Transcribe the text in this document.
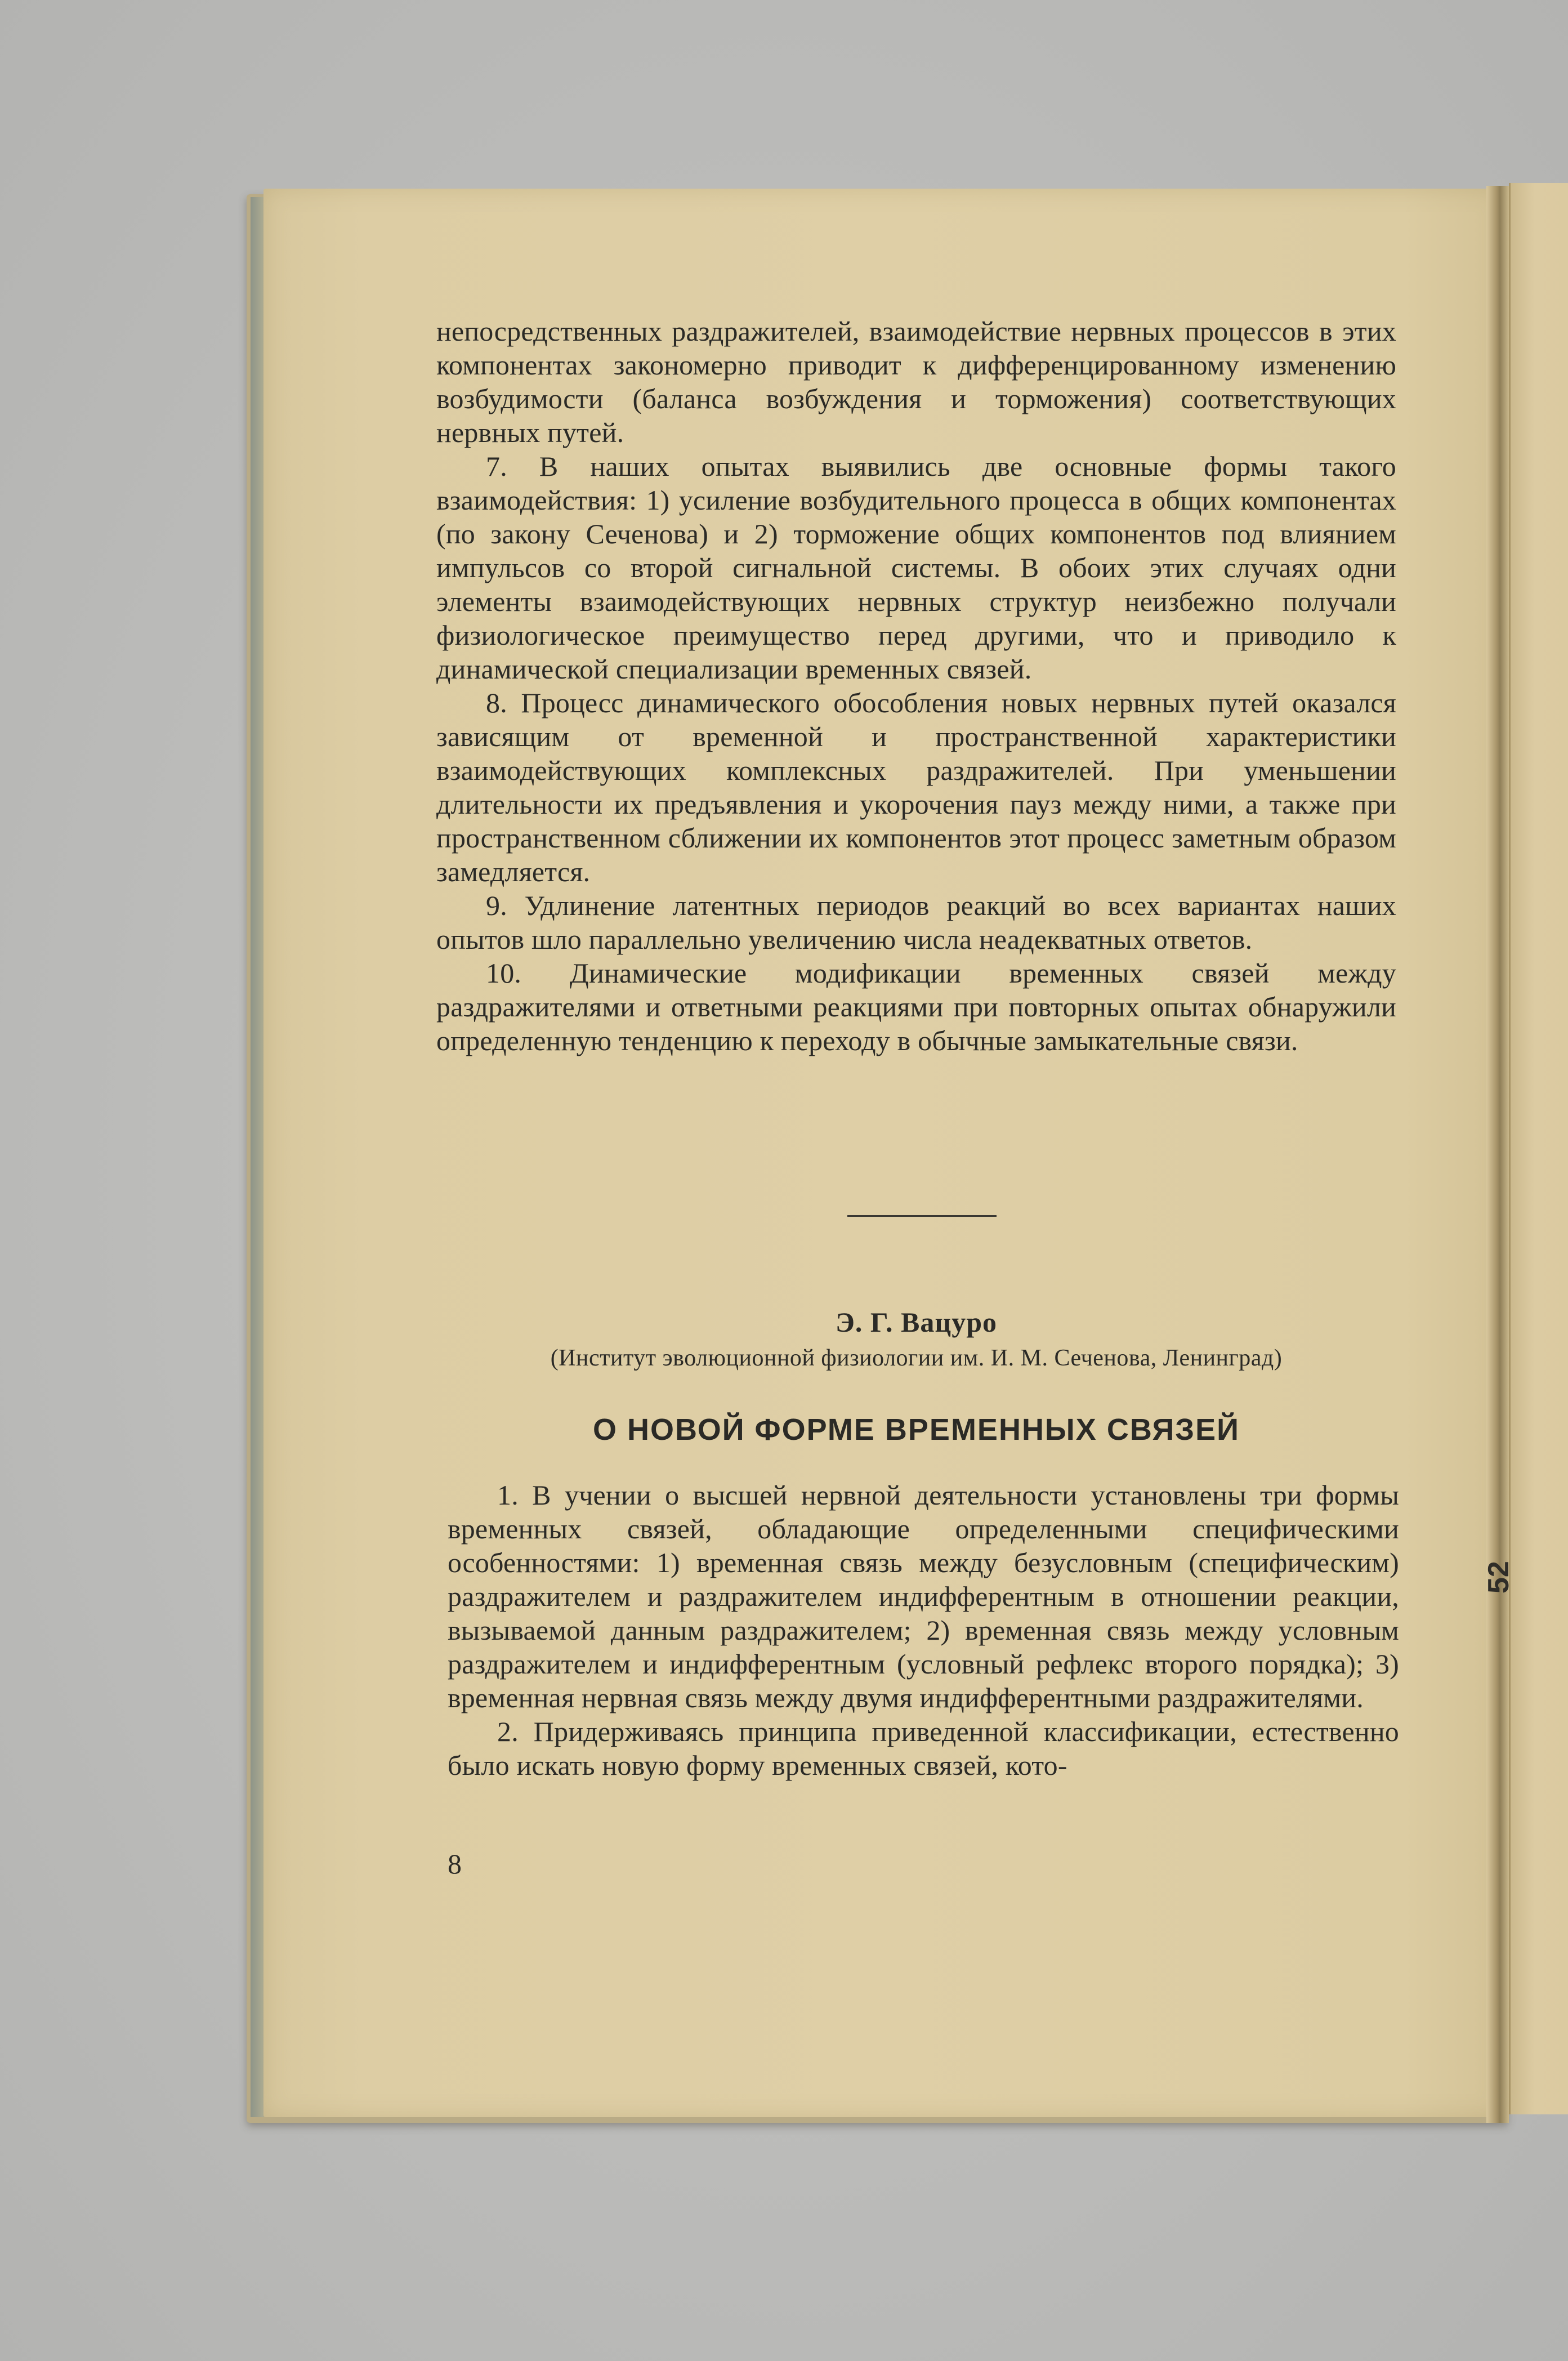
непосредственных раздражителей, взаимодействие нервных процессов в этих компонентах закономерно приводит к дифференцированному изменению возбудимости (баланса возбуждения и торможения) соответствующих нервных путей.

7. В наших опытах выявились две основные формы такого взаимодействия: 1) усиление возбудительного процесса в общих компонентах (по закону Сеченова) и 2) торможение общих компонентов под влиянием импульсов со второй сигнальной системы. В обоих этих случаях одни элементы взаимодействующих нервных структур неизбежно получали физиологическое преимущество перед другими, что и приводило к динамической специализации временных связей.

8. Процесс динамического обособления новых нервных путей оказался зависящим от временной и пространственной характеристики взаимодействующих комплексных раздражителей. При уменьшении длительности их предъявления и укорочения пауз между ними, а также при пространственном сближении их компонентов этот процесс заметным образом замедляется.

9. Удлинение латентных периодов реакций во всех вариантах наших опытов шло параллельно увеличению числа неадекватных ответов.

10. Динамические модификации временных связей между раздражителями и ответными реакциями при повторных опытах обнаружили определенную тенденцию к переходу в обычные замыкательные связи.

Э. Г. Вацуро
(Институт эволюционной физиологии им. И. М. Сеченова, Ленинград)
О НОВОЙ ФОРМЕ ВРЕМЕННЫХ СВЯЗЕЙ

1. В учении о высшей нервной деятельности установлены три формы временных связей, обладающие определенными специфическими особенностями: 1) временная связь между безусловным (специфическим) раздражителем и раздражителем индифферентным в отношении реакции, вызываемой данным раздражителем; 2) временная связь между условным раздражителем и индифферентным (условный рефлекс второго порядка); 3) временная нервная связь между двумя индифферентными раздражителями.

2. Придерживаясь принципа приведенной классификации, естественно было искать новую форму временных связей, кото-

8
52
